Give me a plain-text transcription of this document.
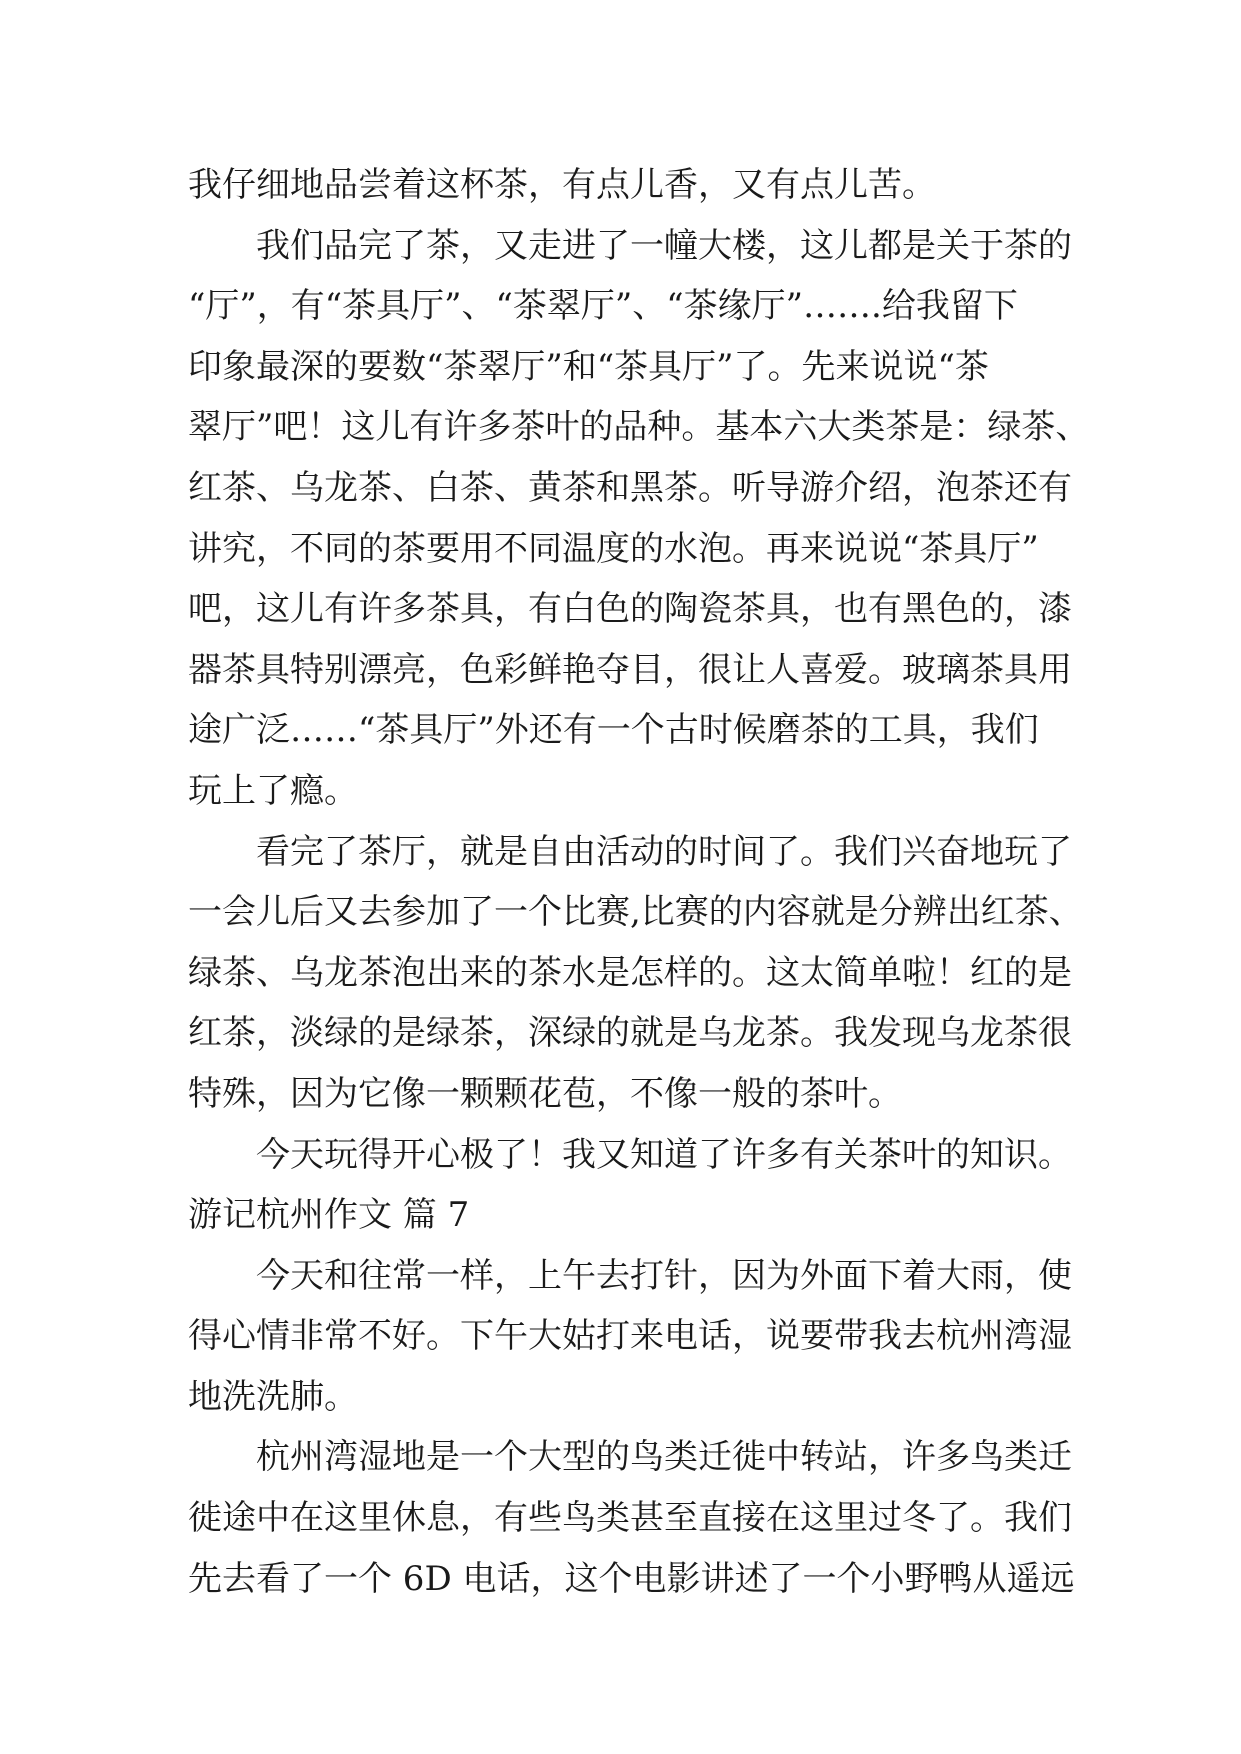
我仔细地品尝着这杯茶，有点儿香，又有点儿苦。

我们品完了茶，又走进了一幢大楼，这儿都是关于茶的

“厅”，有“茶具厅”、“茶翠厅”、“茶缘厅”…….给我留下

印象最深的要数“茶翠厅”和“茶具厅”了。先来说说“茶

翠厅”吧！这儿有许多茶叶的品种。基本六大类茶是：绿茶、

红茶、乌龙茶、白茶、黄茶和黑茶。听导游介绍，泡茶还有

讲究，不同的茶要用不同温度的水泡。再来说说“茶具厅”

吧，这儿有许多茶具，有白色的陶瓷茶具，也有黑色的，漆

器茶具特别漂亮，色彩鲜艳夺目，很让人喜爱。玻璃茶具用

途广泛……“茶具厅”外还有一个古时候磨茶的工具，我们

玩上了瘾。

看完了茶厅，就是自由活动的时间了。我们兴奋地玩了

一会儿后又去参加了一个比赛,比赛的内容就是分辨出红茶、

绿茶、乌龙茶泡出来的茶水是怎样的。这太简单啦！红的是

红茶，淡绿的是绿茶，深绿的就是乌龙茶。我发现乌龙茶很

特殊，因为它像一颗颗花苞，不像一般的茶叶。

今天玩得开心极了！我又知道了许多有关茶叶的知识。

游记杭州作文 篇 7

今天和往常一样，上午去打针，因为外面下着大雨，使

得心情非常不好。下午大姑打来电话，说要带我去杭州湾湿

地洗洗肺。

杭州湾湿地是一个大型的鸟类迁徙中转站，许多鸟类迁

徙途中在这里休息，有些鸟类甚至直接在这里过冬了。我们

先去看了一个 6D 电话，这个电影讲述了一个小野鸭从遥远
